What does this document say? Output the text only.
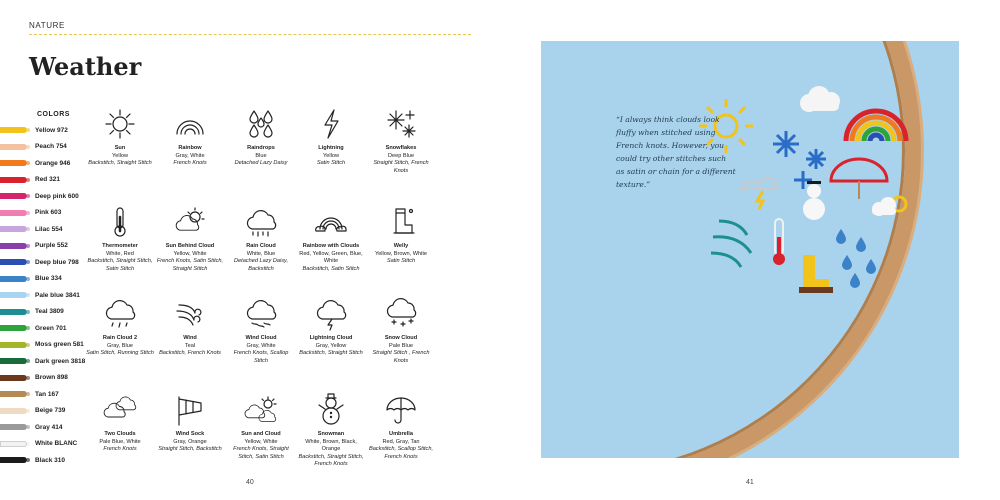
NATURE
Weather
COLORS
Yellow 972
Peach 754
Orange 946
Red 321
Deep pink 600
Pink 603
Lilac 554
Purple 552
Deep blue 798
Blue 334
Pale blue 3841
Teal 3809
Green 701
Moss green 581
Dark green 3818
Brown 898
Tan 167
Beige 739
Gray 414
White BLANC
Black 310
Sun
Yellow
Backstitch, Straight Stitch
Rainbow
Gray, White
French Knots
Raindrops
Blue
Detached Lazy Daisy
Lightning
Yellow
Satin Stitch
Snowflakes
Deep Blue
Straight Stitch, French Knots
Thermometer
White, Red
Backstitch, Straight Stitch, Satin Stitch
Sun Behind Cloud
Yellow, White
French Knots, Satin Stitch, Straight Stitch
Rain Cloud
White, Blue
Detached Lazy Daisy, Backstitch
Rainbow with Clouds
Red, Yellow, Green, Blue, White
Backstitch, Satin Stitch
Welly
Yellow, Brown, White
Satin Stitch
Rain Cloud 2
Gray, Blue
Satin Stitch, Running Stitch
Wind
Teal
Backstitch, French Knots
Wind Cloud
Gray, White
French Knots, Scallop Stitch
Lightning Cloud
Gray, Yellow
Backstitch, Straight Stitch
Snow Cloud
Pale Blue
Straight Stitch , French Knots
Two Clouds
Pale Blue, White
French Knots
Wind Sock
Gray, Orange
Straight Stitch, Backstitch
Sun and Cloud
Yellow, White
French Knots, Straight Stitch, Satin Stitch
Snowman
White, Brown, Black, Orange
Backstitch, Straight Stitch, French Knots
Umbrella
Red, Gray, Tan
Backstitch, Scallop Stitch, French Knots
40
“I always think clouds look fluffy when stitched using French knots. However, you could try other stitches such as satin or chain for a different texture.”
41
